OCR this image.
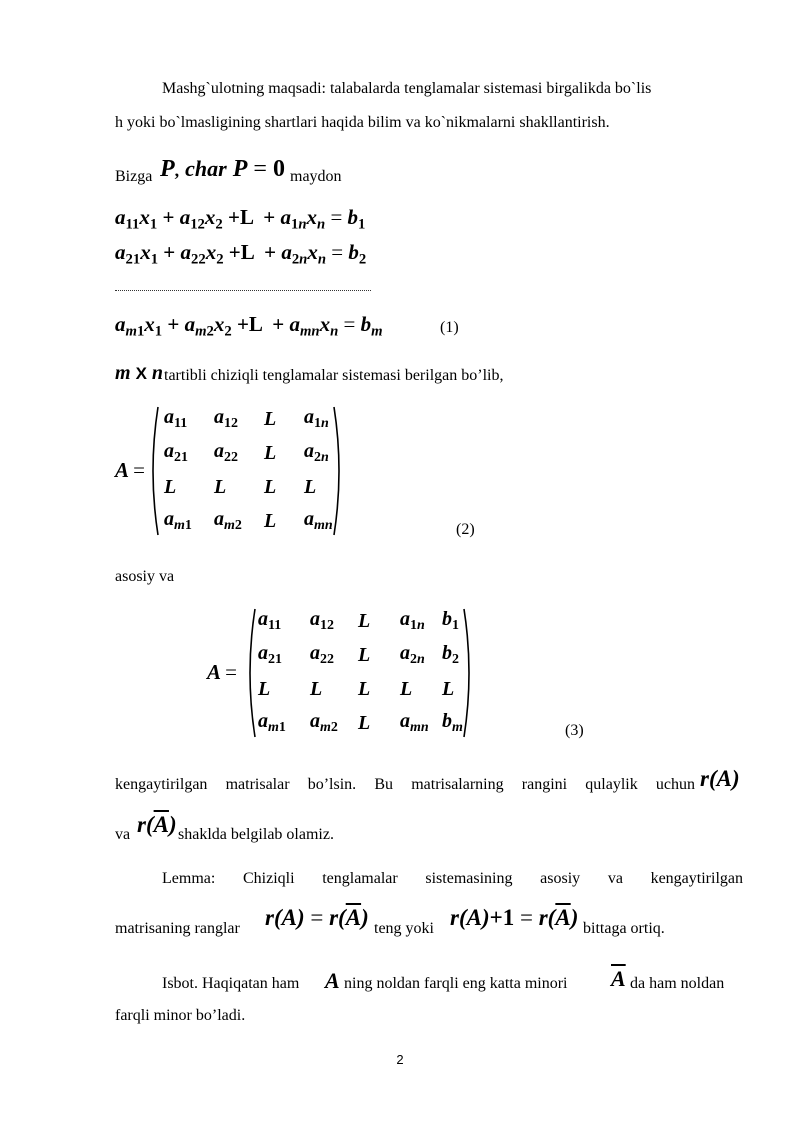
Mashg`ulotning maqsadi: talabalarda tenglamalar sistemasi birgalikda bo`lis
h yoki bo`lmasligining shartlari haqida bilim va ko`nikmalarni shakllantirish.
Bizga P, char P = 0 maydon
$a_{11}x_1 + a_{12}x_2 +L + a_{1n}x_n = b_1$
$a_{21}x_1 + a_{22}x_2 +L + a_{2n}x_n = b_2$
$a_{m1}x_1 + a_{m2}x_2 +L + a_{mn}x_n = b_m$	(1)
m X n tartibli chiziqli tenglamalar sistemasi berilgan bo’lib,
A =
$a_{11}$	$a_{12}$	L	$a_{1n}$
$a_{21}$	$a_{22}$	L	$a_{2n}$
L	L	L	L
$a_{m1}$	$a_{m2}$	L	$a_{mn}$	(2)
asosiy va
A =
$a_{11}$	$a_{12}$	L	$a_{1n}$	$b_1$
$a_{21}$	$a_{22}$	L	$a_{2n}$	$b_2$
L	L	L	L	L
$a_{m1}$	$a_{m2}$	L	$a_{mn}$	$b_m$	(3)
kengaytirilgan matrisalar bo’lsin. Bu matrisalarning rangini qulaylik uchun r(A)
va $r(\overline{A})$ shaklda belgilab olamiz.
Lemma: Chiziqli tenglamalar sistemasining asosiy va kengaytirilgan
matrisaning ranglar $r(A) = r(\overline{A})$ teng yoki $r(A)+1 = r(\overline{A})$ bittaga ortiq.
Isbot. Haqiqatan ham A ning noldan farqli eng katta minori $\overline{A}$ da ham noldan
farqli minor bo’ladi.
2
